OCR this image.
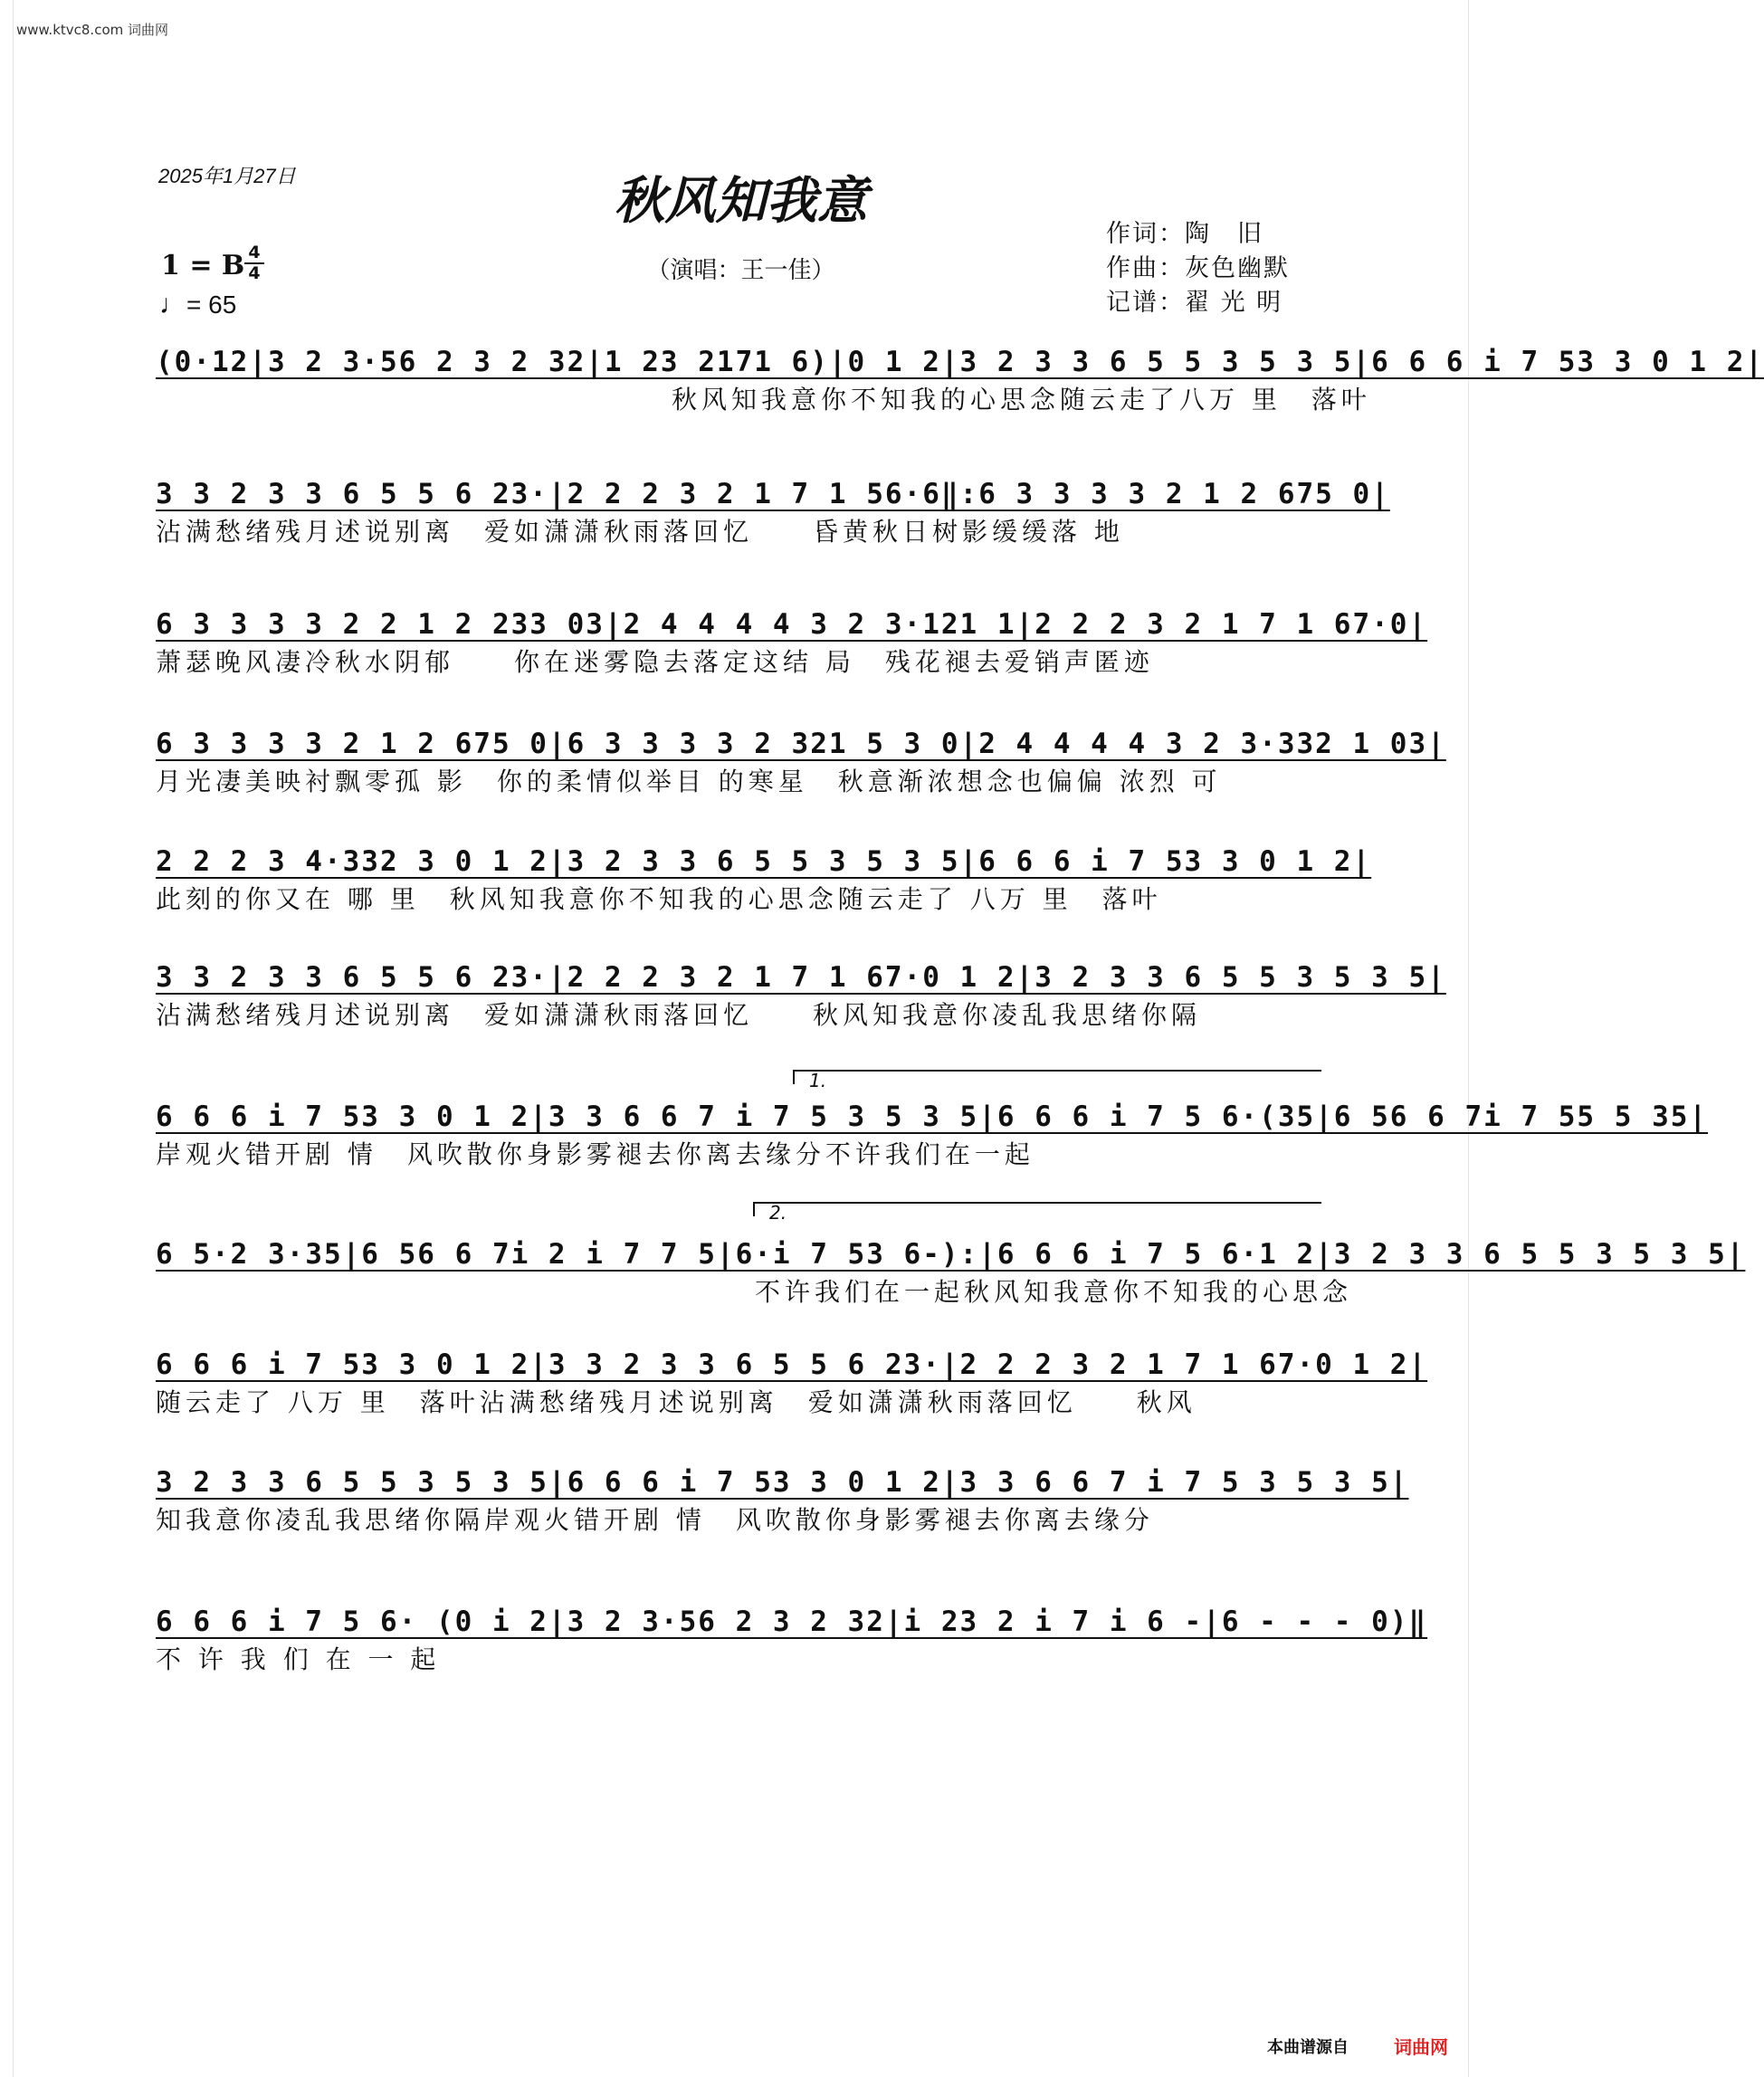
www.ktvc8.com 词曲网
2025年1月27日	秋风知我意
（演唱：王一佳）
作词：陶　旧
作曲：灰色幽默
记谱：翟 光 明
1 = B 4
4
♩= 65
(0·12|3 2 3·56 2 3 2 32|1 23 2171 6)|0 1 2|3 2 3 3 6 5 5 3 5 3 5|6 6 6 i 7 53 3 0 1 2|
秋风知我意你不知我的心思念随云走了八万 里　落叶
3 3 2 3 3 6 5 5 6 23·|2 2 2 3 2 1 7 1 56·6‖:6 3 3 3 3 2 1 2 675 0|
沾满愁绪残月述说别离　爱如潇潇秋雨落回忆　　昏黄秋日树影缓缓落 地
6 3 3 3 3 2 2 1 2 233 03|2 4 4 4 4 3 2 3·121 1|2 2 2 3 2 1 7 1 67·0|
萧瑟晚风凄冷秋水阴郁　　你在迷雾隐去落定这结 局　残花褪去爱销声匿迹
6 3 3 3 3 2 1 2 675 0|6 3 3 3 3 2 321 5 3 0|2 4 4 4 4 3 2 3·332 1 03|
月光凄美映衬飘零孤 影　你的柔情似举目 的寒星　秋意渐浓想念也偏偏 浓烈 可
2 2 2 3 4·332 3 0 1 2|3 2 3 3 6 5 5 3 5 3 5|6 6 6 i 7 53 3 0 1 2|
此刻的你又在 哪 里　秋风知我意你不知我的心思念随云走了 八万 里　落叶
3 3 2 3 3 6 5 5 6 23·|2 2 2 3 2 1 7 1 67·0 1 2|3 2 3 3 6 5 5 3 5 3 5|
沾满愁绪残月述说别离　爱如潇潇秋雨落回忆　　秋风知我意你凌乱我思绪你隔
1.
6 6 6 i 7 53 3 0 1 2|3 3 6 6 7 i 7 5 3 5 3 5|6 6 6 i 7 5 6·(35|6 56 6 7i 7 55 5 35|
岸观火错开剧 情　风吹散你身影雾褪去你离去缘分不许我们在一起
2.
6 5·2 3·35|6 56 6 7i 2 i 7 7 5|6·i 7 53 6-):|6 6 6 i 7 5 6·1 2|3 2 3 3 6 5 5 3 5 3 5|
不许我们在一起秋风知我意你不知我的心思念
6 6 6 i 7 53 3 0 1 2|3 3 2 3 3 6 5 5 6 23·|2 2 2 3 2 1 7 1 67·0 1 2|
随云走了 八万 里　落叶沾满愁绪残月述说别离　爱如潇潇秋雨落回忆　　秋风
3 2 3 3 6 5 5 3 5 3 5|6 6 6 i 7 53 3 0 1 2|3 3 6 6 7 i 7 5 3 5 3 5|
知我意你凌乱我思绪你隔岸观火错开剧 情　风吹散你身影雾褪去你离去缘分
6 6 6 i 7 5 6· (0 i 2|3 2 3·56 2 3 2 32|i 23 2 i 7 i 6 -|6 - - - 0)‖
不 许 我 们 在 一 起
本曲谱源自	词曲网
